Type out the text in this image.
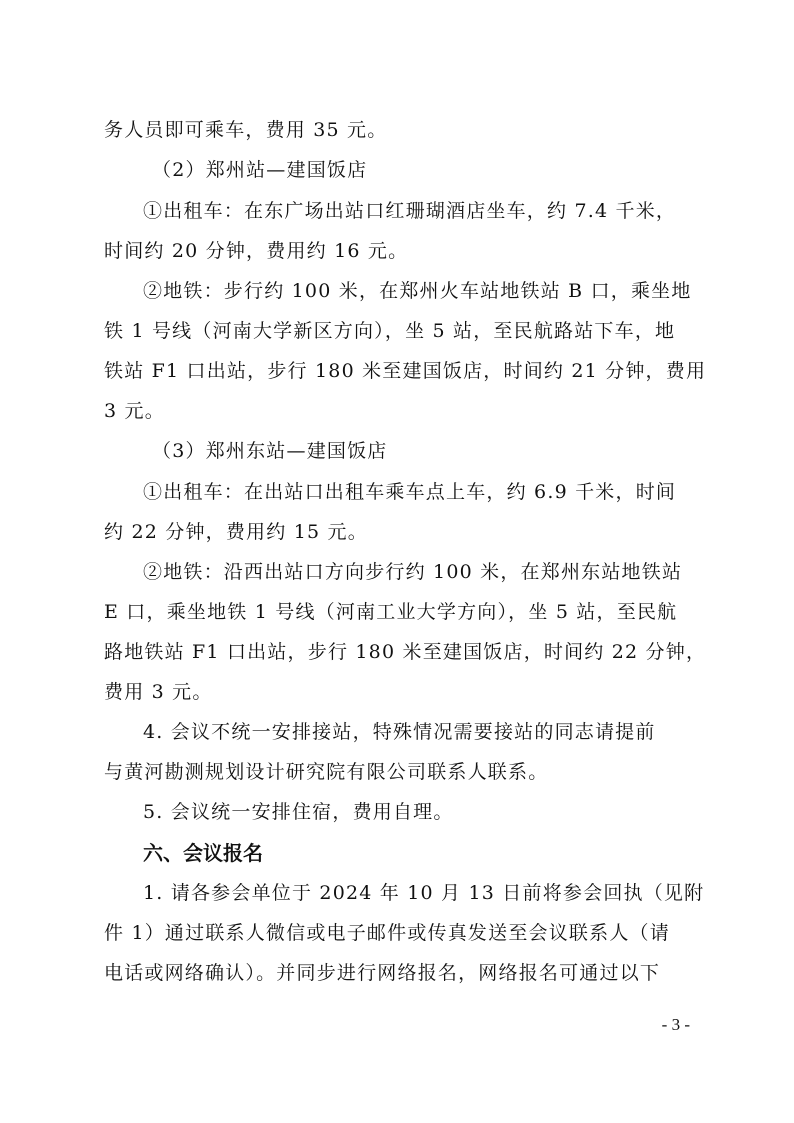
务人员即可乘车，费用 35 元。
（2）郑州站—建国饭店
①出租车：在东广场出站口红珊瑚酒店坐车，约 7.4 千米，
时间约 20 分钟，费用约 16 元。
②地铁：步行约 100 米，在郑州火车站地铁站 B 口，乘坐地
铁 1 号线（河南大学新区方向），坐 5 站，至民航路站下车，地
铁站 F1 口出站，步行 180 米至建国饭店，时间约 21 分钟，费用
3 元。
（3）郑州东站—建国饭店
①出租车：在出站口出租车乘车点上车，约 6.9 千米，时间
约 22 分钟，费用约 15 元。
②地铁：沿西出站口方向步行约 100 米，在郑州东站地铁站
E 口，乘坐地铁 1 号线（河南工业大学方向），坐 5 站，至民航
路地铁站 F1 口出站，步行 180 米至建国饭店，时间约 22 分钟，
费用 3 元。
4. 会议不统一安排接站，特殊情况需要接站的同志请提前
与黄河勘测规划设计研究院有限公司联系人联系。
5. 会议统一安排住宿，费用自理。
六、会议报名
1. 请各参会单位于 2024 年 10 月 13 日前将参会回执（见附
件 1）通过联系人微信或电子邮件或传真发送至会议联系人（请
电话或网络确认）。并同步进行网络报名，网络报名可通过以下
- 3 -
